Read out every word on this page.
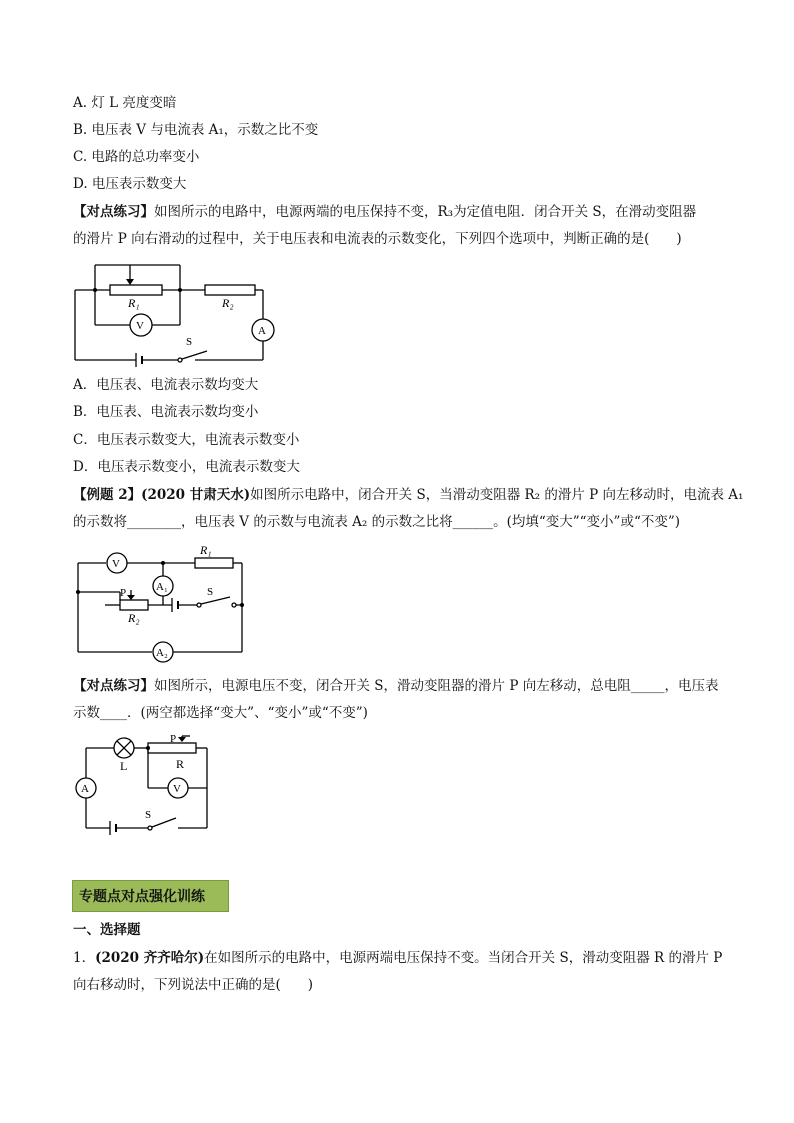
A. 灯 L 亮度变暗
B. 电压表 V 与电流表 A₁，示数之比不变
C. 电路的总功率变小
D. 电压表示数变大
【对点练习】如图所示的电路中，电源两端的电压保持不变，R₃为定值电阻．闭合开关 S，在滑动变阻器
的滑片 P 向右滑动的过程中，关于电压表和电流表的示数变化，下列四个选项中，判断正确的是(　　)
R₁	R₂
V	A
S
A．电压表、电流表示数均变大
B．电压表、电流表示数均变小
C．电压表示数变大，电流表示数变小
D．电压表示数变小，电流表示数变大
【例题 2】(2020 甘肃天水)如图所示电路中，闭合开关 S，当滑动变阻器 R₂ 的滑片 P 向左移动时，电流表 A₁
的示数将________，电压表 V 的示数与电流表 A₂ 的示数之比将______。(均填“变大”“变小”或“不变”)
V
R₁
A₁
P
R₂
S
A₂
【对点练习】如图所示，电源电压不变，闭合开关 S，滑动变阻器的滑片 P 向左移动，总电阻_____，电压表
示数____．(两空都选择“变大”、“变小”或“不变”)
L
P
R
A	V
S
专题点对点强化训练
一、选择题
1．(2020 齐齐哈尔)在如图所示的电路中，电源两端电压保持不变。当闭合开关 S，滑动变阻器 R 的滑片 P
向右移动时，下列说法中正确的是(　　)
